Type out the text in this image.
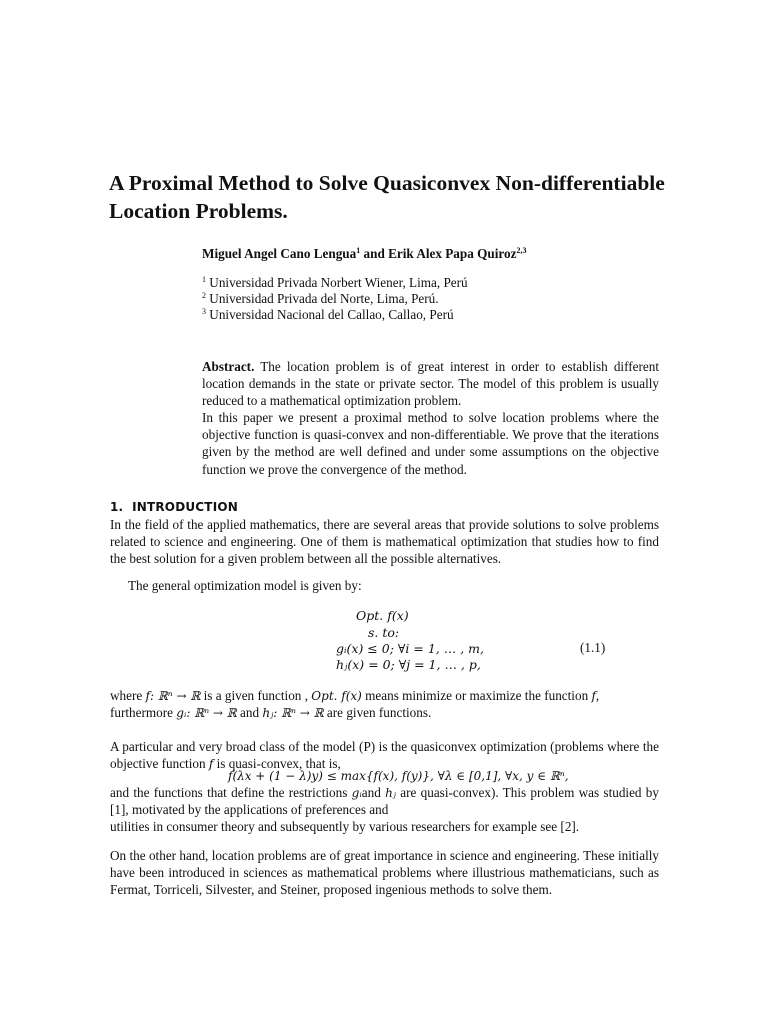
A Proximal Method to Solve Quasiconvex Non-differentiable Location Problems.
Miguel Angel Cano Lengua$^1$ and Erik Alex Papa Quiroz$^{2,3}$
$^1$ Universidad Privada Norbert Wiener, Lima, Perú
$^2$ Universidad Privada del Norte, Lima, Perú.
$^3$ Universidad Nacional del Callao, Callao, Perú

Abstract. The location problem is of great interest in order to establish different location demands in the state or private sector. The model of this problem is usually reduced to a mathematical optimization problem.

In this paper we present a proximal method to solve location problems where the objective function is quasi-convex and non-differentiable. We prove that the iterations given by the method are well defined and under some assumptions on the objective function we prove the convergence of the method.

1.  INTRODUCTION

In the field of the applied mathematics, there are several areas that provide solutions to solve problems related to science and engineering. One of them is mathematical optimization that studies how to find the best solution for a given problem between all the possible alternatives.

The general optimization model is given by:

Opt. f(x)
s. to:
gᵢ(x) ≤ 0; ∀i = 1, … , m,
hⱼ(x) = 0; ∀j = 1, … , p,
(1.1)

where f: ℝⁿ → ℝ is a given function , Opt. f(x) means minimize or maximize the function f,
furthermore gᵢ: ℝⁿ → ℝ and hⱼ: ℝⁿ → ℝ are given functions.

A particular and very broad class of the model (P) is the quasiconvex optimization (problems where the objective function f is quasi-convex, that is,

f(λx + (1 − λ)y) ≤ max{f(x), f(y)}, ∀λ ∈ [0,1], ∀x, y ∈ ℝⁿ,

and the functions that define the restrictions gᵢand hⱼ are quasi-convex). This problem was studied by [1], motivated by the applications of preferences and

utilities in consumer theory and subsequently by various researchers for example see [2].

On the other hand, location problems are of great importance in science and engineering. These initially have been introduced in sciences as mathematical problems where illustrious mathematicians, such as Fermat, Torriceli, Silvester, and Steiner, proposed ingenious methods to solve them.
